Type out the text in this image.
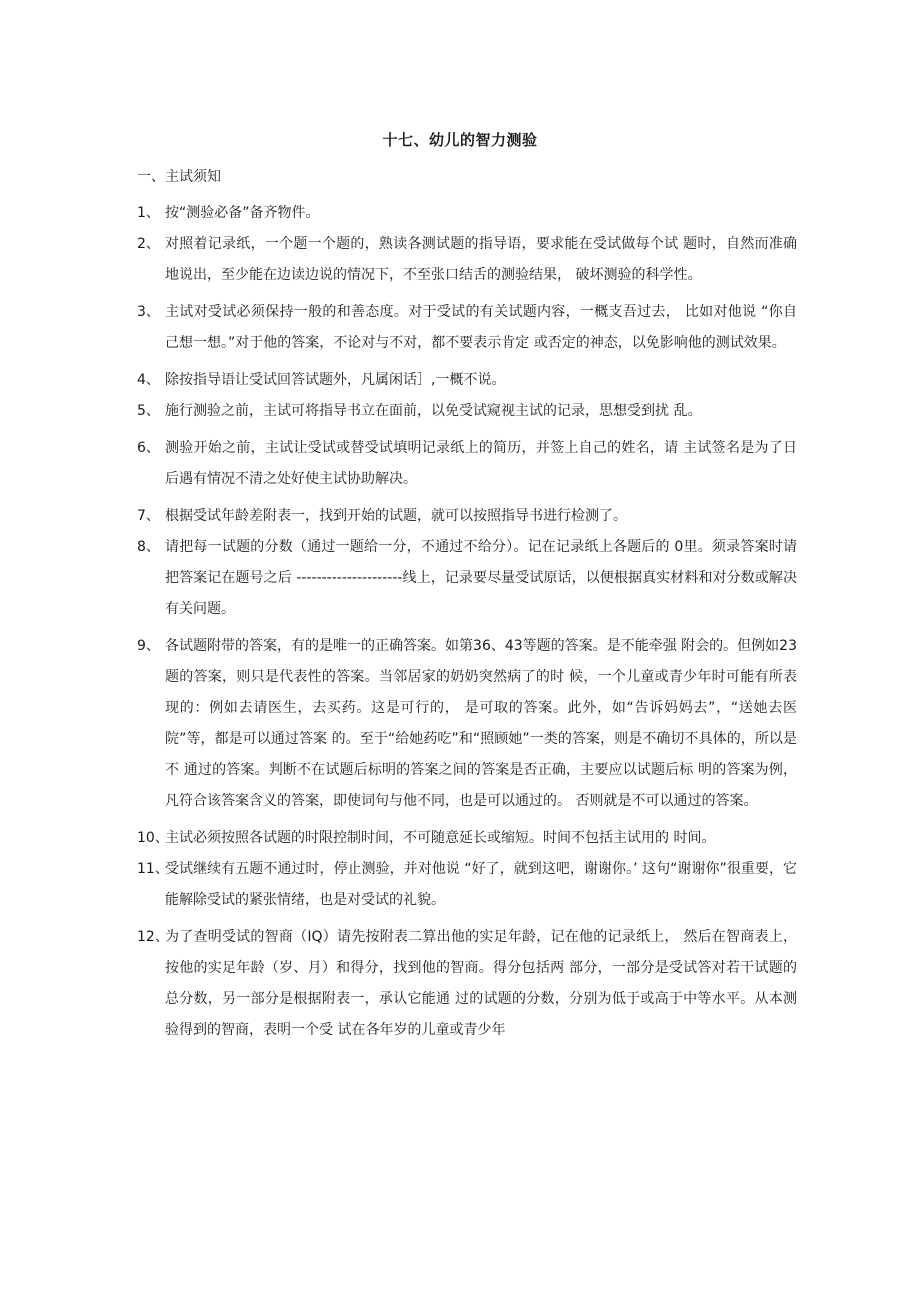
十七、幼儿的智力测验
一、主试须知
1、 按“测验必备”备齐物件。
2、 对照着记录纸，一个题一个题的，熟读各测试题的指导语，要求能在受试做每个试 题时，自然而准确地说出，至少能在边读边说的情况下，不至张口结舌的测验结果， 破坏测验的科学性。
3、 主试对受试必须保持一般的和善态度。对于受试的有关试题内容，一概支吾过去， 比如对他说 “你自己想一想。”对于他的答案，不论对与不对，都不要表示肯定 或否定的神态，以免影响他的测试效果。
4、 除按指导语让受试回答试题外，凡属闲话］,一概不说。
5、 施行测验之前，主试可将指导书立在面前，以免受试窥视主试的记录，思想受到扰 乱。
6、 测验开始之前，主试让受试或替受试填明记录纸上的简历，并签上自己的姓名，请 主试签名是为了日后遇有情况不清之处好使主试协助解决。
7、 根据受试年龄差附表一，找到开始的试题，就可以按照指导书进行检测了。
8、 请把每一试题的分数（通过一题给一分，不通过不给分）。记在记录纸上各题后的 0里。须录答案时请把答案记在题号之后 ---------------------线上，记录要尽量受试原话，以便根据真实材料和对分数或解决有关问题。
9、 各试题附带的答案，有的是唯一的正确答案。如第36、43等题的答案。是不能牵强 附会的。但例如23题的答案，则只是代表性的答案。当邻居家的奶奶突然病了的时 候，一个儿童或青少年时可能有所表现的：例如去请医生，去买药。这是可行的， 是可取的答案。此外，如“告诉妈妈去”，“送她去医院”等，都是可以通过答案 的。至于“给她药吃”和“照顾她”一类的答案，则是不确切不具体的，所以是不 通过的答案。判断不在试题后标明的答案之间的答案是否正确，主要应以试题后标 明的答案为例，凡符合该答案含义的答案，即使词句与他不同，也是可以通过的。 否则就是不可以通过的答案。
10、
主试必须按照各试题的时限控制时间，不可随意延长或缩短。时间不包括主试用的 时间。
11、
受试继续有五题不通过时，停止测验，并对他说 “好了，就到这吧，谢谢你。’ 这句“谢谢你”很重要，它能解除受试的紧张情绪，也是对受试的礼貌。
12、
为了查明受试的智商（IQ）请先按附表二算出他的实足年龄，记在他的记录纸上， 然后在智商表上，按他的实足年龄（岁、月）和得分，找到他的智商。得分包括两 部分，一部分是受试答对若干试题的总分数，另一部分是根据附表一，承认它能通 过的试题的分数，分别为低于或高于中等水平。从本测验得到的智商，表明一个受 试在各年岁的儿童或青少年
